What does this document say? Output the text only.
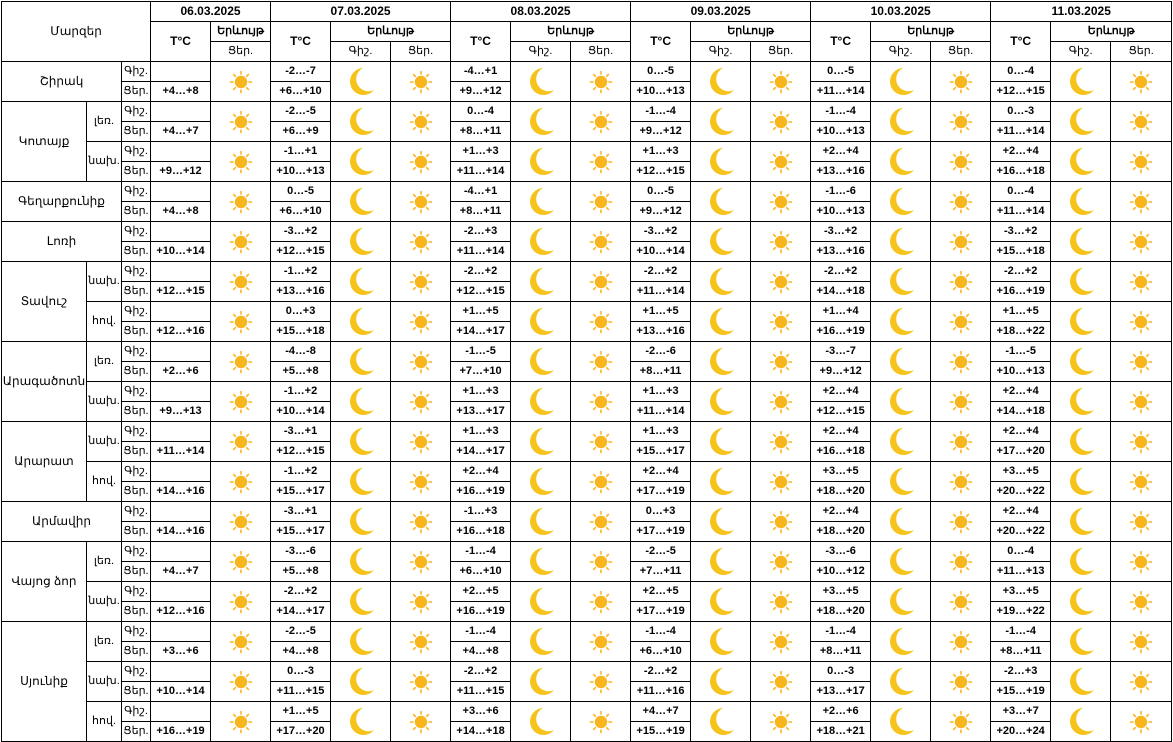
Մարզեր			06.03.2025		07.03.2025			08.03.2025			09.03.2025			10.03.2025			11.03.2025		
			T°C	Երևույթ	T°C	Երևույթ		T°C	Երևույթ		T°C	Երևույթ		T°C	Երևույթ		T°C	Երևույթ	
				Ցեր.		Գիշ.	Ցեր.		Գիշ.	Ցեր.		Գիշ.	Ցեր.		Գիշ.	Ցեր.		Գիշ.	Ցեր.
Շիրակ		Գիշ.			-2…-7			-4…+1			0…-5			0…-5			0…-4	

		Ցեր.	+4…+8		+6…+10			+9…+12			+10…+13			+11…+14			+12…+15		
Կոտայք	լեռ.	Գիշ.			-2…-5			0…-4			-1…-4			-1…-4			0…-3	

		Ցեր.	+4…+7		+6…+9			+8…+11			+9…+12			+10…+13			+11…+14		
	նախ.	Գիշ.			-1…+1			+1…+3			+1…+3			+2…+4			+2…+4	

		Ցեր.	+9…+12		+10…+13			+11…+14			+12…+15			+13…+16			+16…+18		
Գեղարքունիք		Գիշ.			0…-5			-4…+1			0…-5			-1…-6			0…-4	

		Ցեր.	+4…+8		+6…+10			+8…+11			+9…+12			+10…+13			+11…+14		
Լոռի		Գիշ.			-3…+2			-2…+3			-3…+2			-3…+2			-3…+2	

		Ցեր.	+10…+14		+12…+15			+11…+14			+10…+14			+13…+16			+15…+18		
Տավուշ	նախ.	Գիշ.			-1…+2			-2…+2			-2…+2			-2…+2			-2…+2	

		Ցեր.	+12…+15		+13…+16			+12…+15			+11…+14			+14…+18			+16…+19		
	հով.	Գիշ.			0…+3			+1…+5			+1…+5			+1…+4			+1…+5	

		Ցեր.	+12…+16		+15…+18			+14…+17			+13…+16			+16…+19			+18…+22		
Արագածոտն	լեռ.	Գիշ.			-4…-8			-1…-5			-2…-6			-3…-7			-1…-5	

		Ցեր.	+2…+6		+5…+8			+7…+10			+8…+11			+9…+12			+10…+13		
	նախ.	Գիշ.			-1…+2			+1…+3			+1…+3			+2…+4			+2…+4	

		Ցեր.	+9…+13		+10…+14			+13…+17			+11…+14			+12…+15			+14…+18		
Արարատ	նախ.	Գիշ.			-3…+1			+1…+3			+1…+3			+2…+4			+2…+4	

		Ցեր.	+11…+14		+12…+15			+14…+17			+15…+17			+16…+18			+17…+20		
	հով.	Գիշ.			-1…+2			+2…+4			+2…+4			+3…+5			+3…+5	

		Ցեր.	+14…+16		+15…+17			+16…+19			+17…+19			+18…+20			+20…+22		
Արմավիր		Գիշ.			-3…+1			-1…+3			0…+3			+2…+4			+2…+4	

		Ցեր.	+14…+16		+15…+17			+16…+18			+17…+19			+18…+20			+20…+22		
Վայոց ձոր	լեռ.	Գիշ.			-3…-6			-1…-4			-2…-5			-3…-6			0…-4	

		Ցեր.	+4…+7		+5…+8			+6…+10			+7…+11			+10…+12			+11…+13		
	նախ.	Գիշ.			-2…+2			+2…+5			+2…+5			+3…+5			+3…+5	

		Ցեր.	+12…+16		+14…+17			+16…+19			+17…+19			+18…+20			+19…+22		
Սյունիք	լեռ.	Գիշ.			-2…-5			-1…-4			-1…-4			-1…-4			-1…-4	

		Ցեր.	+3…+6		+4…+8			+4…+8			+6…+10			+8…+11			+8…+11		
	նախ.	Գիշ.			0…-3			-2…+2			-2…+2			0…-3			-2…+3	

		Ցեր.	+10…+14		+11…+15			+11…+15			+11…+16			+13…+17			+15…+19		
	հով.	Գիշ.			+1…+5			+3…+6			+4…+7			+2…+6			+3…+7	

		Ցեր.	+16…+19		+17…+20			+14…+18			+15…+19			+18…+21			+20…+24		
